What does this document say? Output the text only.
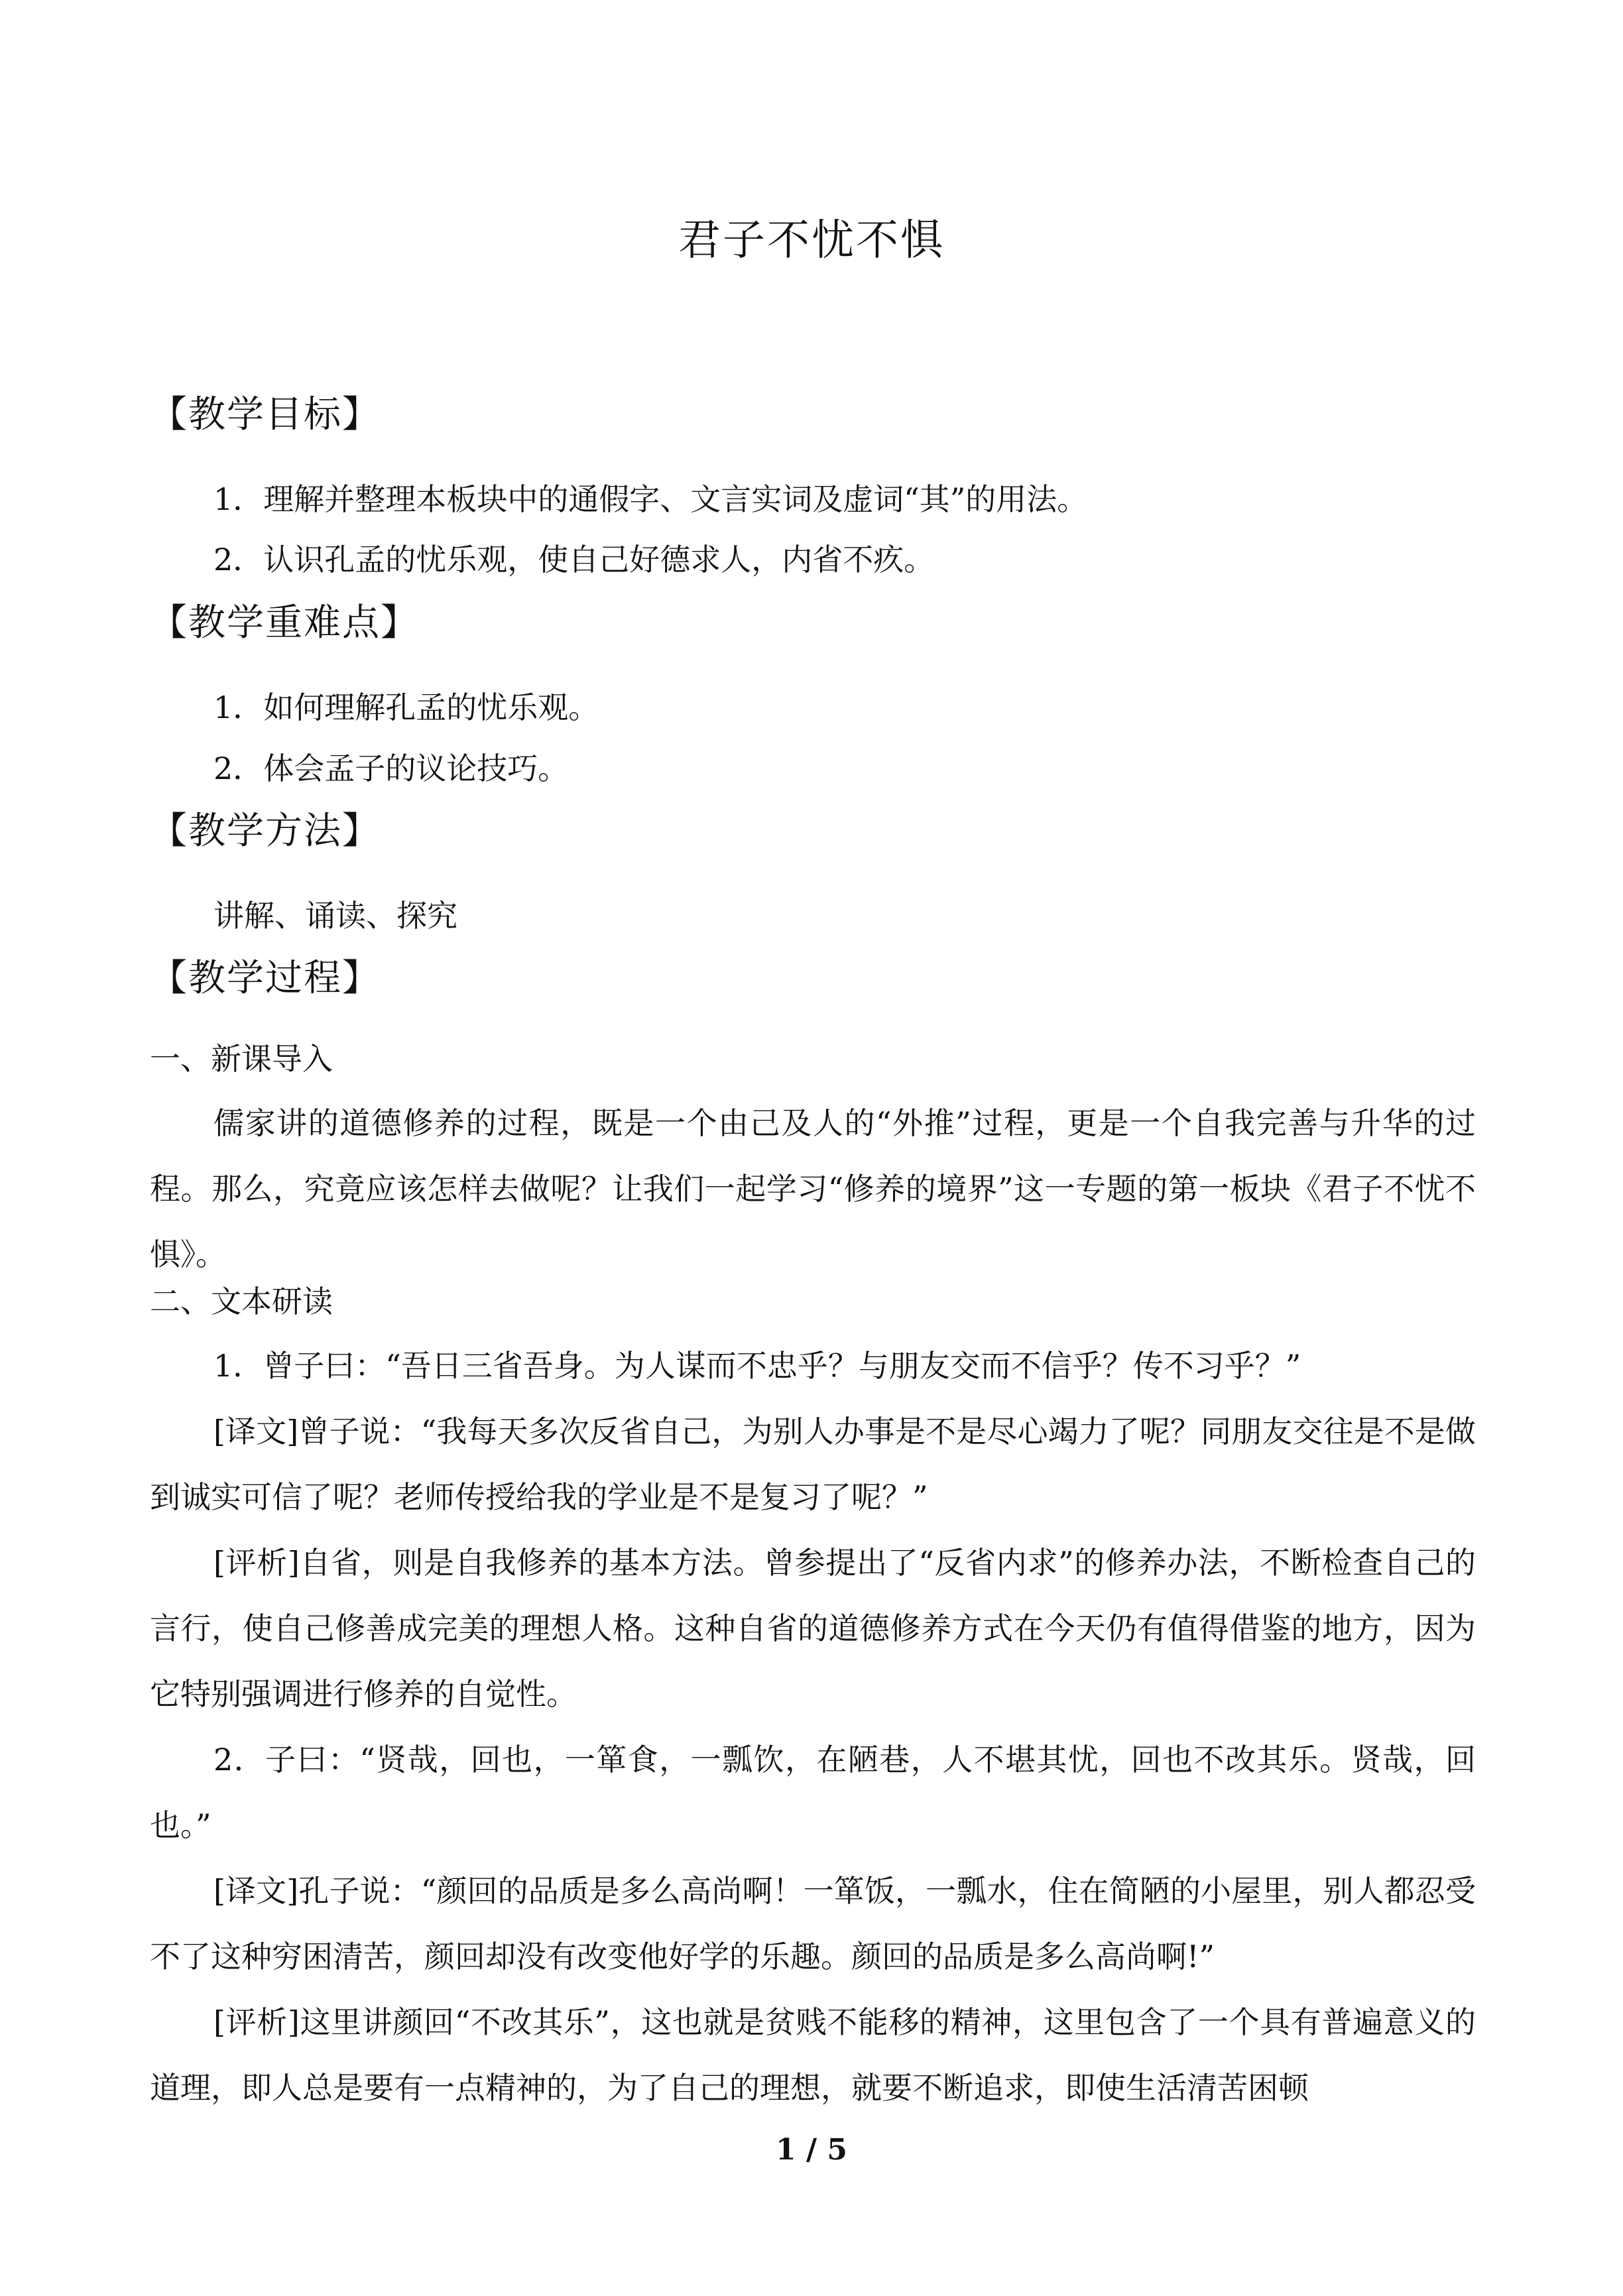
君子不忧不惧
【教学目标】
1．理解并整理本板块中的通假字、文言实词及虚词“其”的用法。
2．认识孔孟的忧乐观，使自己好德求人，内省不疚。
【教学重难点】
1．如何理解孔孟的忧乐观。
2．体会孟子的议论技巧。
【教学方法】
讲解、诵读、探究
【教学过程】
一、新课导入
儒家讲的道德修养的过程，既是一个由己及人的“外推”过程，更是一个自我完善与升华的过程。那么，究竟应该怎样去做呢？让我们一起学习“修养的境界”这一专题的第一板块《君子不忧不惧》。
二、文本研读
1．曾子曰：“吾日三省吾身。为人谋而不忠乎？与朋友交而不信乎？传不习乎？”
[译文]曾子说：“我每天多次反省自己，为别人办事是不是尽心竭力了呢？同朋友交往是不是做到诚实可信了呢？老师传授给我的学业是不是复习了呢？”
[评析]自省，则是自我修养的基本方法。曾参提出了“反省内求”的修养办法，不断检查自己的言行，使自己修善成完美的理想人格。这种自省的道德修养方式在今天仍有值得借鉴的地方，因为它特别强调进行修养的自觉性。
2．子曰：“贤哉，回也，一箪食，一瓢饮，在陋巷，人不堪其忧，回也不改其乐。贤哉，回也。”
[译文]孔子说：“颜回的品质是多么高尚啊！一箪饭，一瓢水，住在简陋的小屋里，别人都忍受不了这种穷困清苦，颜回却没有改变他好学的乐趣。颜回的品质是多么高尚啊!”
[评析]这里讲颜回“不改其乐”，这也就是贫贱不能移的精神，这里包含了一个具有普遍意义的道理，即人总是要有一点精神的，为了自己的理想，就要不断追求，即使生活清苦困顿
1 / 5
